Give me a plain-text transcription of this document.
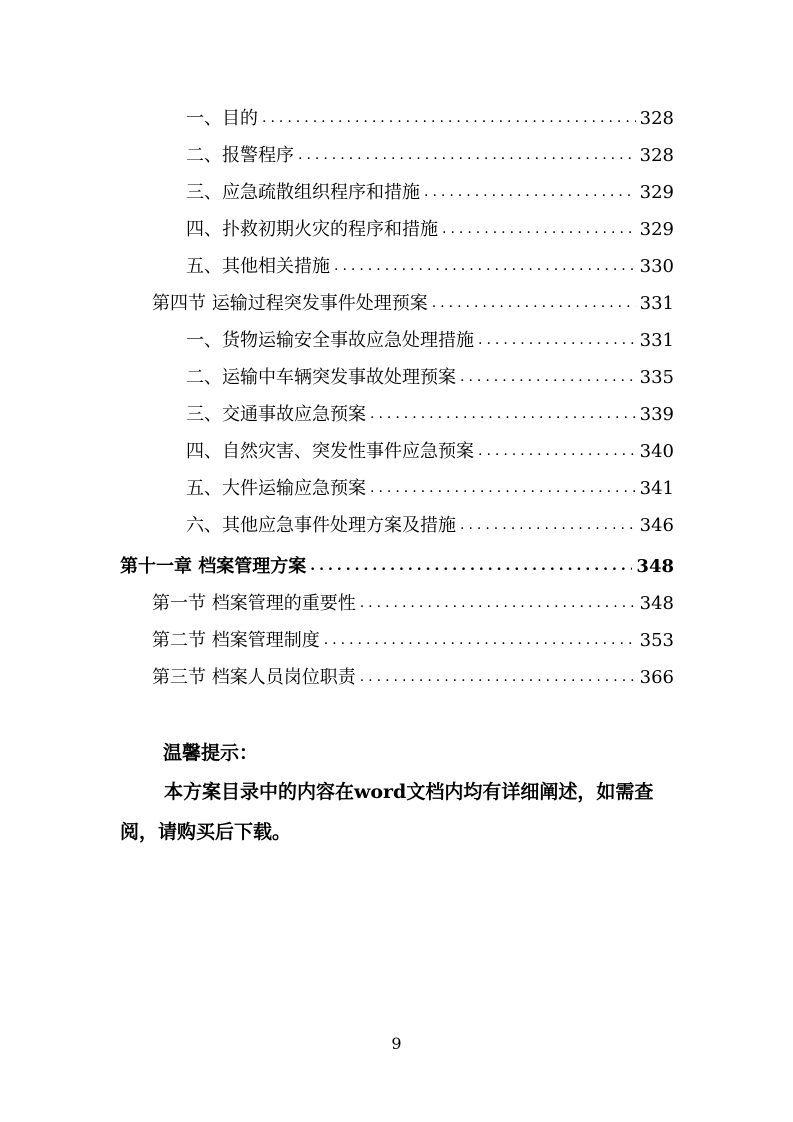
一、目的 .....	328
二、报警程序 .....	328
三、应急疏散组织程序和措施 .....	329
四、扑救初期火灾的程序和措施 .....	329
五、其他相关措施 .....	330
第四节 运输过程突发事件处理预案 .....	331
一、货物运输安全事故应急处理措施 .....	331
二、运输中车辆突发事故处理预案 .....	335
三、交通事故应急预案 .....	339
四、自然灾害、突发性事件应急预案 .....	340
五、大件运输应急预案 .....	341
六、其他应急事件处理方案及措施 .....	346
第十一章 档案管理方案 .....	348
第一节 档案管理的重要性 .....	348
第二节 档案管理制度 .....	353
第三节 档案人员岗位职责 .....	366
温馨提示：
本方案目录中的内容在word文档内均有详细阐述，如需查阅，请购买后下载。
9
